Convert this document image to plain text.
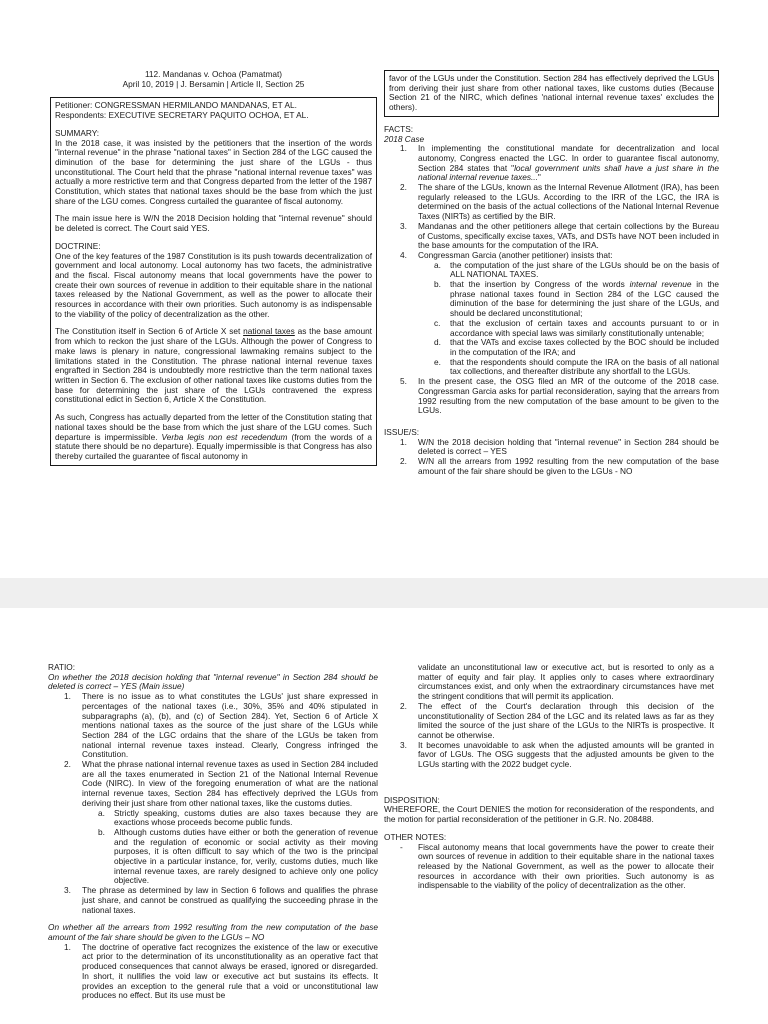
112. Mandanas v. Ochoa (Pamatmat)

April 10, 2019 | J. Bersamin | Article II, Section 25

Petitioner: CONGRESSMAN HERMILANDO MANDANAS, ET AL.

Respondents: EXECUTIVE SECRETARY PAQUITO OCHOA, ET AL.

SUMMARY:

In the 2018 case, it was insisted by the petitioners that the insertion of the words "internal revenue" in the phrase "national taxes" in Section 284 of the LGC caused the diminution of the base for determining the just share of the LGUs - thus unconstitutional. The Court held that the phrase "national internal revenue taxes" was actually a more restrictive term and that Congress departed from the letter of the 1987 Constitution, which states that national taxes should be the base from which the just share of the LGU comes. Congress curtailed the guarantee of fiscal autonomy.

The main issue here is W/N the 2018 Decision holding that "internal revenue" should be deleted is correct. The Court said YES.

DOCTRINE:

One of the key features of the 1987 Constitution is its push towards decentralization of government and local autonomy. Local autonomy has two facets, the administrative and the fiscal. Fiscal autonomy means that local governments have the power to create their own sources of revenue in addition to their equitable share in the national taxes released by the National Government, as well as the power to allocate their resources in accordance with their own priorities. Such autonomy is as indispensable to the viability of the policy of decentralization as the other.

The Constitution itself in Section 6 of Article X set national taxes as the base amount from which to reckon the just share of the LGUs. Although the power of Congress to make laws is plenary in nature, congressional lawmaking remains subject to the limitations stated in the Constitution. The phrase national internal revenue taxes engrafted in Section 284 is undoubtedly more restrictive than the term national taxes written in Section 6. The exclusion of other national taxes like customs duties from the base for determining the just share of the LGUs contravened the express constitutional edict in Section 6, Article X the Constitution.

As such, Congress has actually departed from the letter of the Constitution stating that national taxes should be the base from which the just share of the LGU comes. Such departure is impermissible. Verba legis non est recedendum (from the words of a statute there should be no departure). Equally impermissible is that Congress has also thereby curtailed the guarantee of fiscal autonomy in

favor of the LGUs under the Constitution. Section 284 has effectively deprived the LGUs from deriving their just share from other national taxes, like customs duties (Because Section 21 of the NIRC, which defines 'national internal revenue taxes' excludes the others).

FACTS:

2018 Case

1. In implementing the constitutional mandate for decentralization and local autonomy, Congress enacted the LGC. In order to guarantee fiscal autonomy, Section 284 states that "local government units shall have a just share in the national internal revenue taxes..."
2. The share of the LGUs, known as the Internal Revenue Allotment (IRA), has been regularly released to the LGUs. According to the IRR of the LGC, the IRA is determined on the basis of the actual collections of the National Internal Revenue Taxes (NIRTs) as certified by the BIR.
3. Mandanas and the other petitioners allege that certain collections by the Bureau of Customs, specifically excise taxes, VATs, and DSTs have NOT been included in the base amounts for the computation of the IRA.
4. Congressman Garcia (another petitioner) insists that:
a. the computation of the just share of the LGUs should be on the basis of ALL NATIONAL TAXES.
b. that the insertion by Congress of the words internal revenue in the phrase national taxes found in Section 284 of the LGC caused the diminution of the base for determining the just share of the LGUs, and should be declared unconstitutional;
c. that the exclusion of certain taxes and accounts pursuant to or in accordance with special laws was similarly constitutionally untenable;
d. that the VATs and excise taxes collected by the BOC should be included in the computation of the IRA; and
e. that the respondents should compute the IRA on the basis of all national tax collections, and thereafter distribute any shortfall to the LGUs.
5. In the present case, the OSG filed an MR of the outcome of the 2018 case. Congressman Garcia asks for partial reconsideration, saying that the arrears from 1992 resulting from the new computation of the base amount to be given to the LGUs.

ISSUE/S:

1. W/N the 2018 decision holding that "internal revenue" in Section 284 should be deleted is correct – YES
2. W/N all the arrears from 1992 resulting from the new computation of the base amount of the fair share should be given to the LGUs - NO

RATIO:

On whether the 2018 decision holding that "internal revenue" in Section 284 should be deleted is correct – YES (Main issue)

1. There is no issue as to what constitutes the LGUs' just share expressed in percentages of the national taxes (i.e., 30%, 35% and 40% stipulated in subparagraphs (a), (b), and (c) of Section 284). Yet, Section 6 of Article X mentions national taxes as the source of the just share of the LGUs while Section 284 of the LGC ordains that the share of the LGUs be taken from national internal revenue taxes instead. Clearly, Congress infringed the Constitution.
2. What the phrase national internal revenue taxes as used in Section 284 included are all the taxes enumerated in Section 21 of the National Internal Revenue Code (NIRC). In view of the foregoing enumeration of what are the national internal revenue taxes, Section 284 has effectively deprived the LGUs from deriving their just share from other national taxes, like the customs duties.
a. Strictly speaking, customs duties are also taxes because they are exactions whose proceeds become public funds.
b. Although customs duties have either or both the generation of revenue and the regulation of economic or social activity as their moving purposes, it is often difficult to say which of the two is the principal objective in a particular instance, for, verily, customs duties, much like internal revenue taxes, are rarely designed to achieve only one policy objective.
3. The phrase as determined by law in Section 6 follows and qualifies the phrase just share, and cannot be construed as qualifying the succeeding phrase in the national taxes.

On whether all the arrears from 1992 resulting from the new computation of the base amount of the fair share should be given to the LGUs – NO

1. The doctrine of operative fact recognizes the existence of the law or executive act prior to the determination of its unconstitutionality as an operative fact that produced consequences that cannot always be erased, ignored or disregarded. In short, it nullifies the void law or executive act but sustains its effects. It provides an exception to the general rule that a void or unconstitutional law produces no effect. But its use must be

validate an unconstitutional law or executive act, but is resorted to only as a matter of equity and fair play. It applies only to cases where extraordinary circumstances exist, and only when the extraordinary circumstances have met the stringent conditions that will permit its application.

2. The effect of the Court's declaration through this decision of the unconstitutionality of Section 284 of the LGC and its related laws as far as they limited the source of the just share of the LGUs to the NIRTs is prospective. It cannot be otherwise.
3. It becomes unavoidable to ask when the adjusted amounts will be granted in favor of LGUs. The OSG suggests that the adjusted amounts be given to the LGUs starting with the 2022 budget cycle.

DISPOSITION:

WHEREFORE, the Court DENIES the motion for reconsideration of the respondents, and the motion for partial reconsideration of the petitioner in G.R. No. 208488.

OTHER NOTES:

- Fiscal autonomy means that local governments have the power to create their own sources of revenue in addition to their equitable share in the national taxes released by the National Government, as well as the power to allocate their resources in accordance with their own priorities. Such autonomy is as indispensable to the viability of the policy of decentralization as the other.
